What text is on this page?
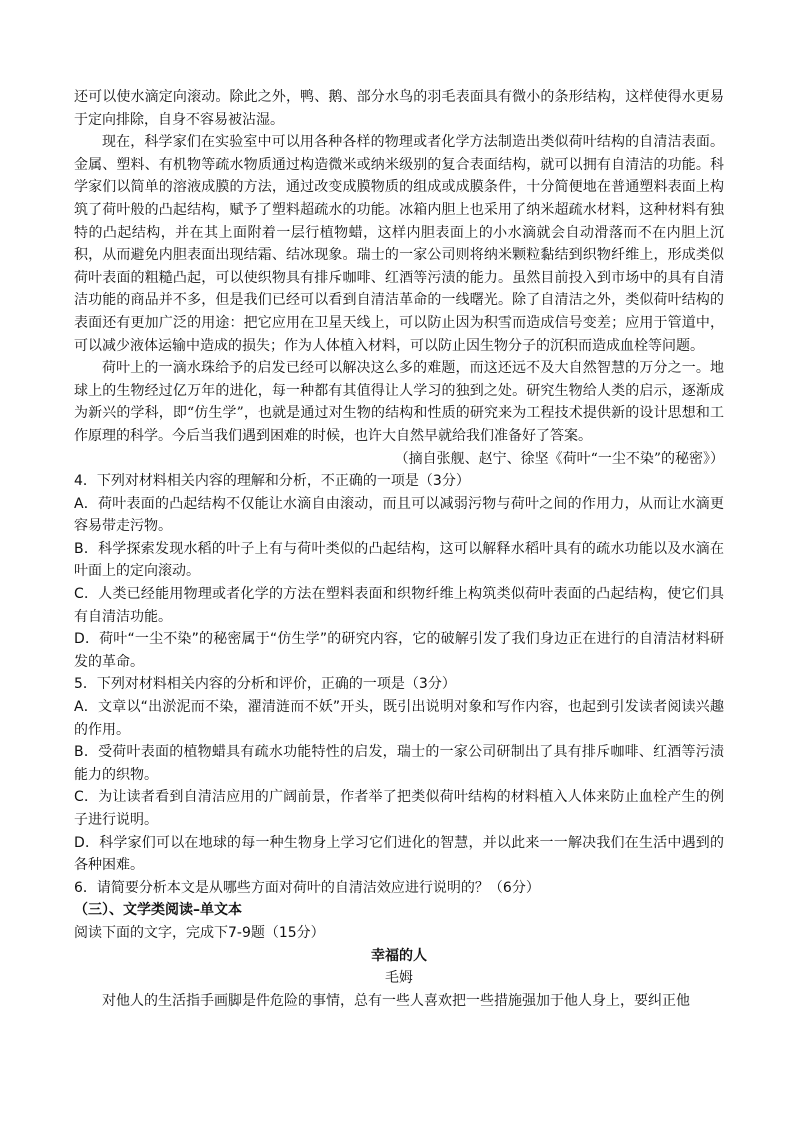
还可以使水滴定向滚动。除此之外，鸭、鹅、部分水鸟的羽毛表面具有微小的条形结构，这样使得水更易于定向排除，自身不容易被沾湿。

现在，科学家们在实验室中可以用各种各样的物理或者化学方法制造出类似荷叶结构的自清洁表面。金属、塑料、有机物等疏水物质通过构造微米或纳米级别的复合表面结构，就可以拥有自清洁的功能。科学家们以简单的溶液成膜的方法，通过改变成膜物质的组成或成膜条件，十分简便地在普通塑料表面上构筑了荷叶般的凸起结构，赋予了塑料超疏水的功能。冰箱内胆上也采用了纳米超疏水材料，这种材料有独特的凸起结构，并在其上面附着一层行植物蜡，这样内胆表面上的小水滴就会自动滑落而不在内胆上沉积，从而避免内胆表面出现结霜、结冰现象。瑞士的一家公司则将纳米颗粒黏结到织物纤维上，形成类似荷叶表面的粗糙凸起，可以使织物具有排斥咖啡、红酒等污渍的能力。虽然目前投入到市场中的具有自清洁功能的商品并不多，但是我们已经可以看到自清洁革命的一线曙光。除了自清洁之外，类似荷叶结构的表面还有更加广泛的用途：把它应用在卫星天线上，可以防止因为积雪而造成信号变差；应用于管道中，可以减少液体运输中造成的损失；作为人体植入材料，可以防止因生物分子的沉积而造成血栓等问题。

荷叶上的一滴水珠给予的启发已经可以解决这么多的难题，而这还远不及大自然智慧的万分之一。地球上的生物经过亿万年的进化，每一种都有其值得让人学习的独到之处。研究生物给人类的启示，逐渐成为新兴的学科，即“仿生学”，也就是通过对生物的结构和性质的研究来为工程技术提供新的设计思想和工作原理的科学。今后当我们遇到困难的时候，也许大自然早就给我们准备好了答案。

（摘自张舰、赵宁、徐坚《荷叶“一尘不染”的秘密》）

4．下列对材料相关内容的理解和分析，不正确的一项是（3分）

A．荷叶表面的凸起结构不仅能让水滴自由滚动，而且可以减弱污物与荷叶之间的作用力，从而让水滴更容易带走污物。

B．科学探索发现水稻的叶子上有与荷叶类似的凸起结构，这可以解释水稻叶具有的疏水功能以及水滴在叶面上的定向滚动。

C．人类已经能用物理或者化学的方法在塑料表面和织物纤维上构筑类似荷叶表面的凸起结构，使它们具有自清洁功能。

D．荷叶“一尘不染”的秘密属于“仿生学”的研究内容，它的破解引发了我们身边正在进行的自清洁材料研发的革命。

5．下列对材料相关内容的分析和评价，正确的一项是（3分）

A．文章以“出淤泥而不染，濯清涟而不妖”开头，既引出说明对象和写作内容，也起到引发读者阅读兴趣的作用。

B．受荷叶表面的植物蜡具有疏水功能特性的启发，瑞士的一家公司研制出了具有排斥咖啡、红酒等污渍能力的织物。

C．为让读者看到自清洁应用的广阔前景，作者举了把类似荷叶结构的材料植入人体来防止血栓产生的例子进行说明。

D．科学家们可以在地球的每一种生物身上学习它们进化的智慧，并以此来一一解决我们在生活中遇到的各种困难。

6．请简要分析本文是从哪些方面对荷叶的自清洁效应进行说明的？（6分）

（三）、文学类阅读–单文本

阅读下面的文字，完成下7-9题（15分）

幸福的人

毛姆

对他人的生活指手画脚是件危险的事情，总有一些人喜欢把一些措施强加于他人身上，要纠正他
